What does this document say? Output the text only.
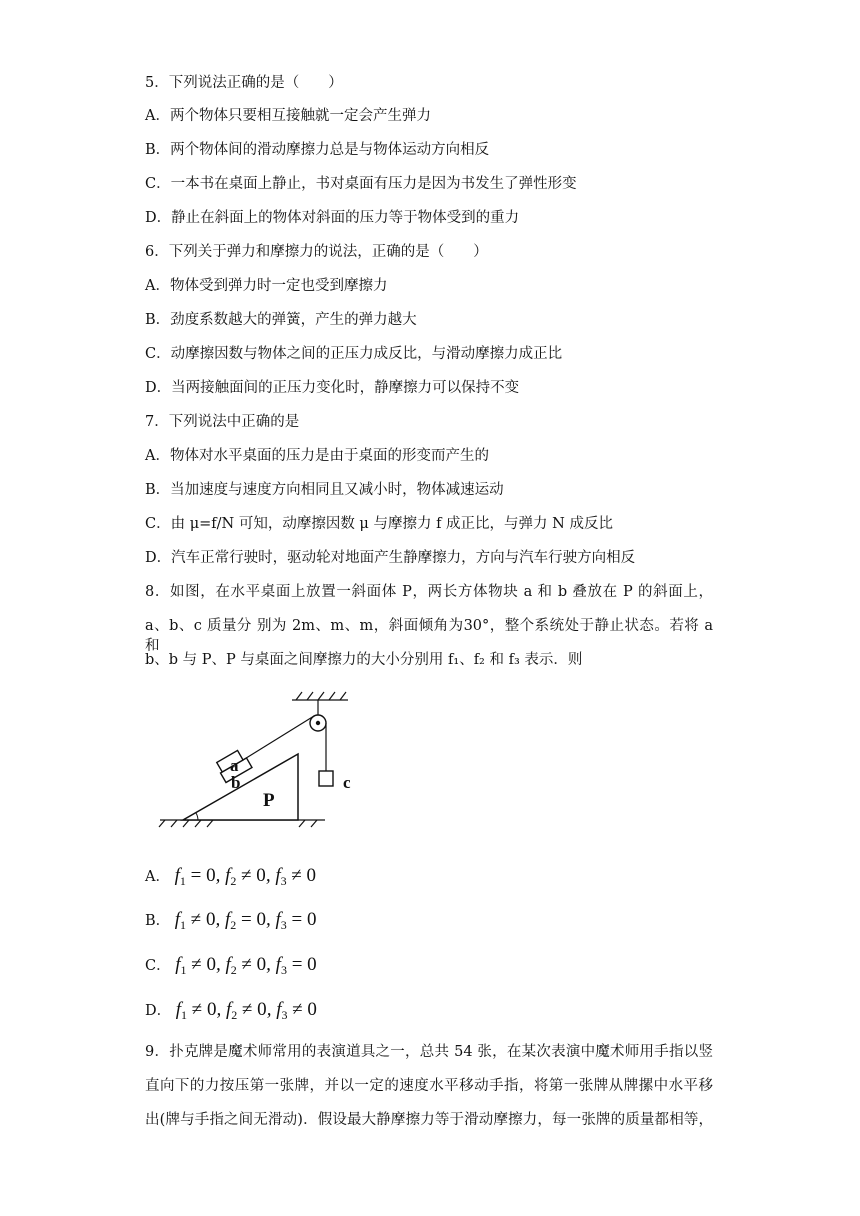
5．下列说法正确的是（　　）
A．两个物体只要相互接触就一定会产生弹力
B．两个物体间的滑动摩擦力总是与物体运动方向相反
C．一本书在桌面上静止，书对桌面有压力是因为书发生了弹性形变
D．静止在斜面上的物体对斜面的压力等于物体受到的重力
6．下列关于弹力和摩擦力的说法，正确的是（　　）
A．物体受到弹力时一定也受到摩擦力
B．劲度系数越大的弹簧，产生的弹力越大
C．动摩擦因数与物体之间的正压力成反比，与滑动摩擦力成正比
D．当两接触面间的正压力变化时，静摩擦力可以保持不变
7．下列说法中正确的是
A．物体对水平桌面的压力是由于桌面的形变而产生的
B．当加速度与速度方向相同且又减小时，物体减速运动
C．由 μ=f/N 可知，动摩擦因数 μ 与摩擦力 f 成正比，与弹力 N 成反比
D．汽车正常行驶时，驱动轮对地面产生静摩擦力，方向与汽车行驶方向相反
8．如图，在水平桌面上放置一斜面体 P，两长方体物块 a 和 b 叠放在 P 的斜面上，
a、b、c 质量分 别为 2m、m、m，斜面倾角为30°，整个系统处于静止状态。若将 a 和
b、b 与 P、P 与桌面之间摩擦力的大小分别用 f₁、f₂ 和 f₃ 表示．则
a
b
P
c
A． $f_1 = 0$, $f_2 \ne 0$, $f_3 \ne 0$
B． $f_1 \ne 0$, $f_2 = 0$, $f_3 = 0$
C． $f_1 \ne 0$, $f_2 \ne 0$, $f_3 = 0$
D． $f_1 \ne 0$, $f_2 \ne 0$, $f_3 \ne 0$
9．扑克牌是魔术师常用的表演道具之一，总共 54 张，在某次表演中魔术师用手指以竖
直向下的力按压第一张牌，并以一定的速度水平移动手指，将第一张牌从牌摞中水平移
出(牌与手指之间无滑动)．假设最大静摩擦力等于滑动摩擦力，每一张牌的质量都相等，
